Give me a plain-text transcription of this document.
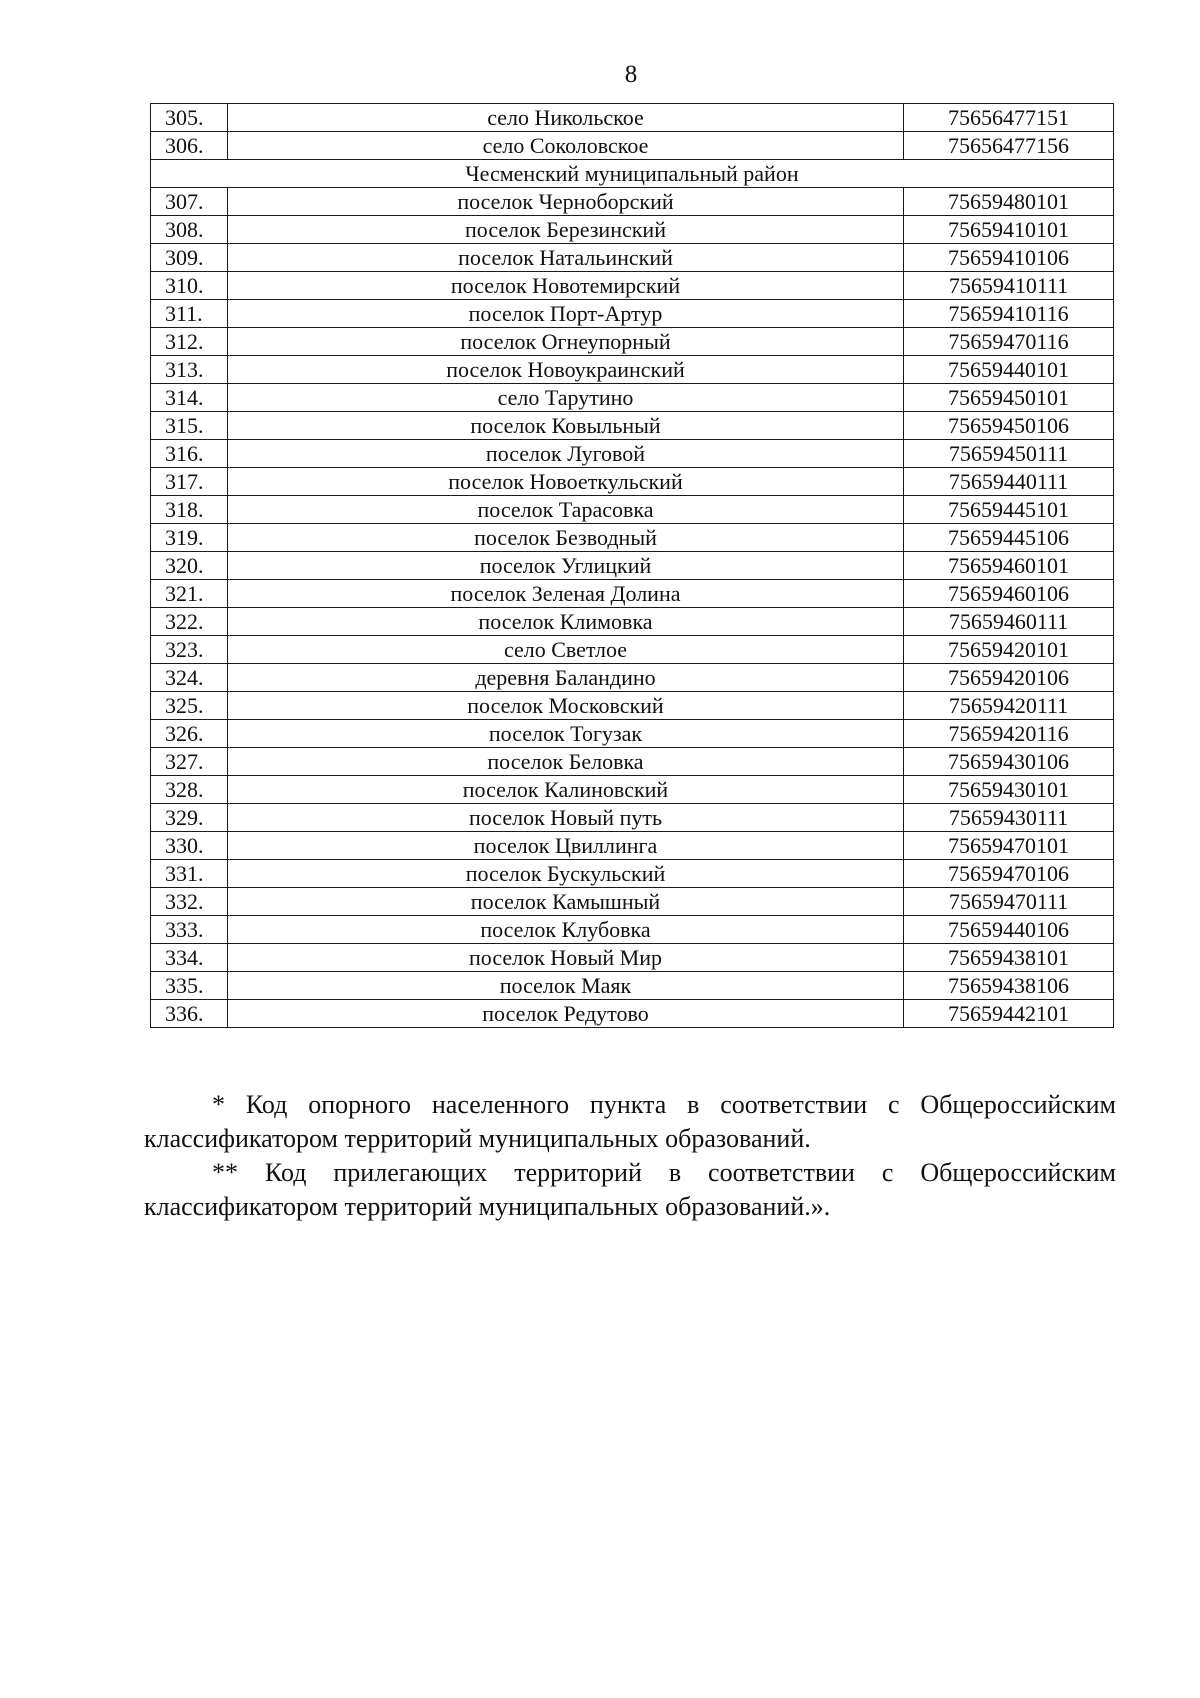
8
305.	село Никольское	75656477151
306.	село Соколовское	75656477156
Чесменский муниципальный район		
307.	поселок Черноборский	75659480101
308.	поселок Березинский	75659410101
309.	поселок Натальинский	75659410106
310.	поселок Новотемирский	75659410111
311.	поселок Порт-Артур	75659410116
312.	поселок Огнеупорный	75659470116
313.	поселок Новоукраинский	75659440101
314.	село Тарутино	75659450101
315.	поселок Ковыльный	75659450106
316.	поселок Луговой	75659450111
317.	поселок Новоеткульский	75659440111
318.	поселок Тарасовка	75659445101
319.	поселок Безводный	75659445106
320.	поселок Углицкий	75659460101
321.	поселок Зеленая Долина	75659460106
322.	поселок Климовка	75659460111
323.	село Светлое	75659420101
324.	деревня Баландино	75659420106
325.	поселок Московский	75659420111
326.	поселок Тогузак	75659420116
327.	поселок Беловка	75659430106
328.	поселок Калиновский	75659430101
329.	поселок Новый путь	75659430111
330.	поселок Цвиллинга	75659470101
331.	поселок Бускульский	75659470106
332.	поселок Камышный	75659470111
333.	поселок Клубовка	75659440106
334.	поселок Новый Мир	75659438101
335.	поселок Маяк	75659438106
336.	поселок Редутово	75659442101

* Код опорного населенного пункта в соответствии с Общероссийским классификатором территорий муниципальных образований.

** Код прилегающих территорий в соответствии с Общероссийским классификатором территорий муниципальных образований.».
